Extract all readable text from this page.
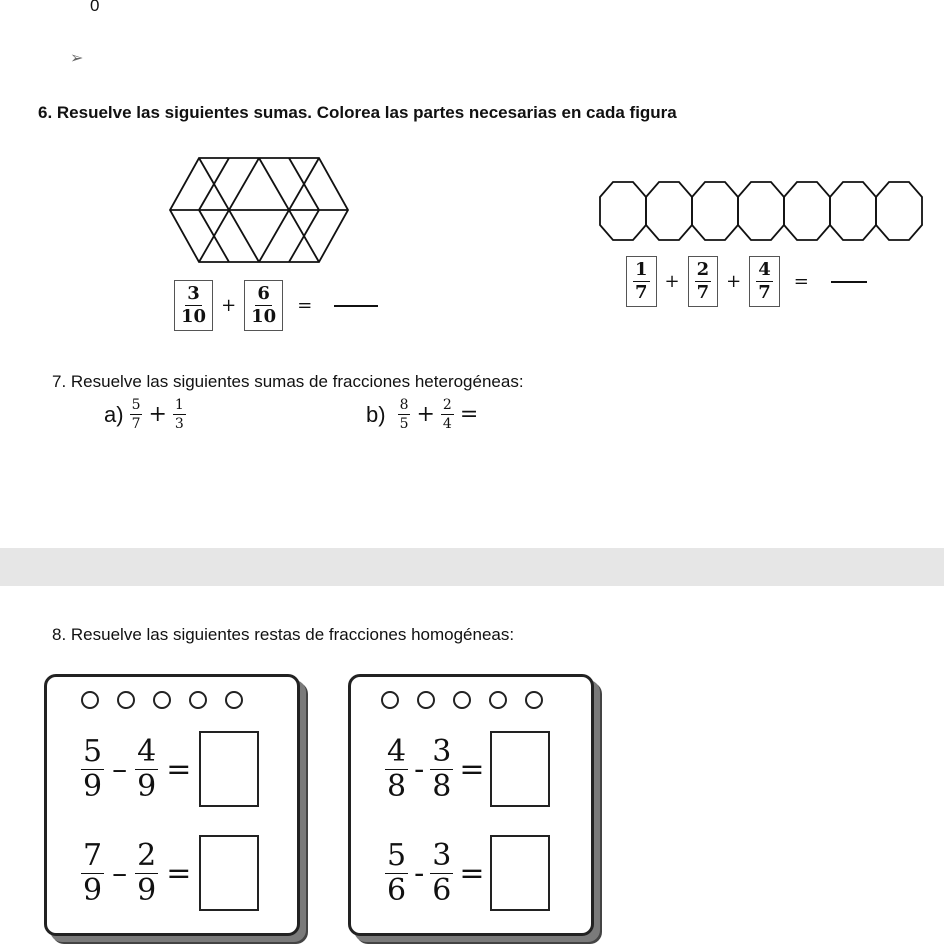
0
➢
6. Resuelve las siguientes sumas. Colorea las partes necesarias en cada figura
$\frac{3}{10} + \frac{6}{10}$ =
$\frac{1}{7} + \frac{2}{7} + \frac{4}{7}$ =
7. Resuelve las siguientes sumas de fracciones heterogéneas:
$a) \frac{5}{7} + \frac{1}{3}$	$b) \frac{8}{5} + \frac{2}{4}$ =
8. Resuelve las siguientes restas de fracciones homogéneas:
$\frac{5}{9} - \frac{4}{9}$ =
$\frac{7}{9} - \frac{2}{9}$ =
$\frac{4}{8} - \frac{3}{8}$ =
$\frac{5}{6} - \frac{3}{6}$ =
